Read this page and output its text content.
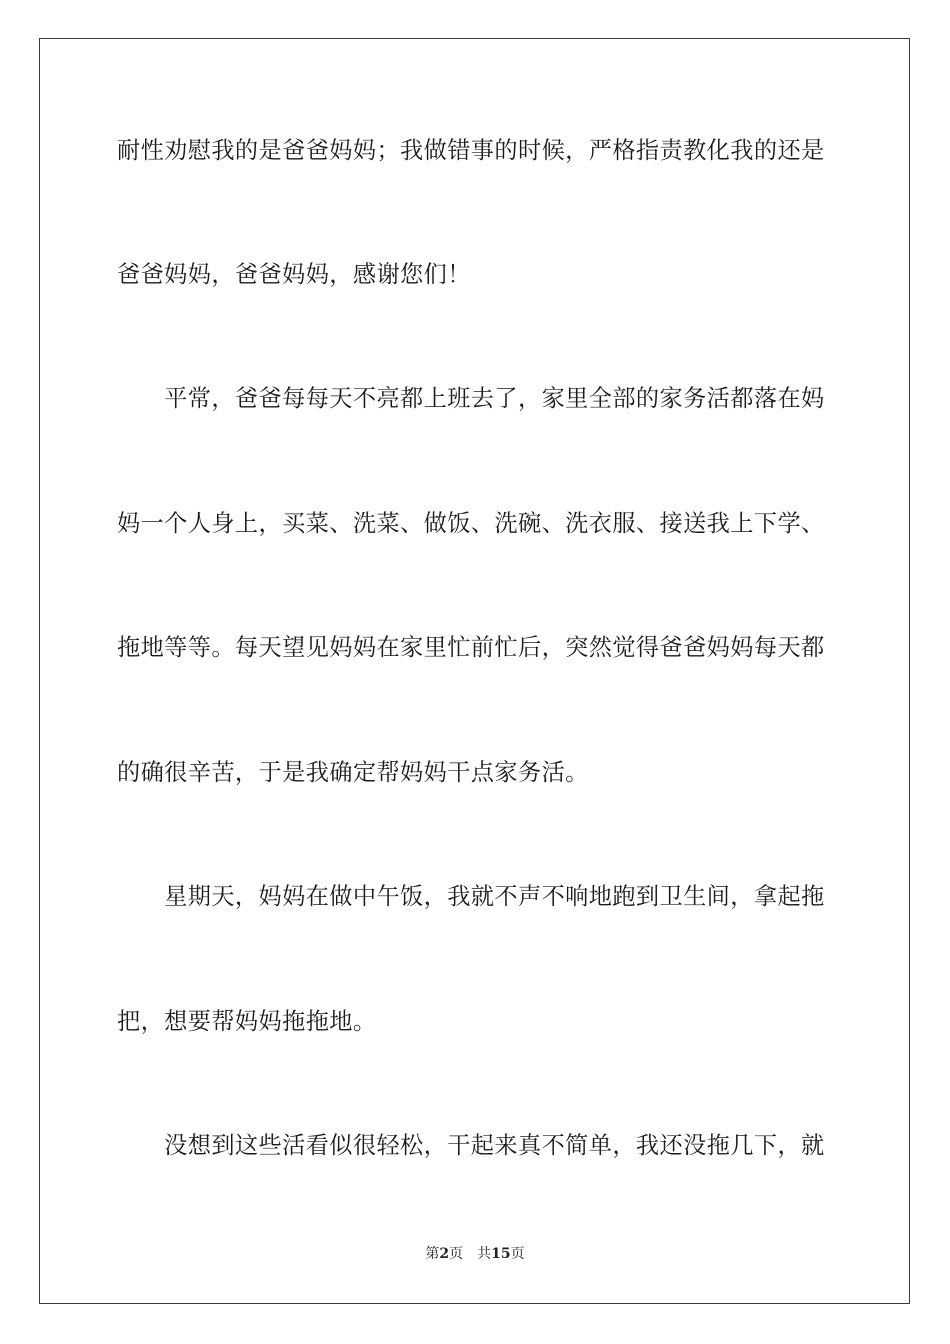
耐性劝慰我的是爸爸妈妈；我做错事的时候，严格指责教化我的还是
爸爸妈妈，爸爸妈妈，感谢您们！
　　平常，爸爸每每天不亮都上班去了，家里全部的家务活都落在妈
妈一个人身上，买菜、洗菜、做饭、洗碗、洗衣服、接送我上下学、
拖地等等。每天望见妈妈在家里忙前忙后，突然觉得爸爸妈妈每天都
的确很辛苦，于是我确定帮妈妈干点家务活。
　　星期天，妈妈在做中午饭，我就不声不响地跑到卫生间，拿起拖
把，想要帮妈妈拖拖地。
　　没想到这些活看似很轻松，干起来真不简单，我还没拖几下，就
第2页 共15页
